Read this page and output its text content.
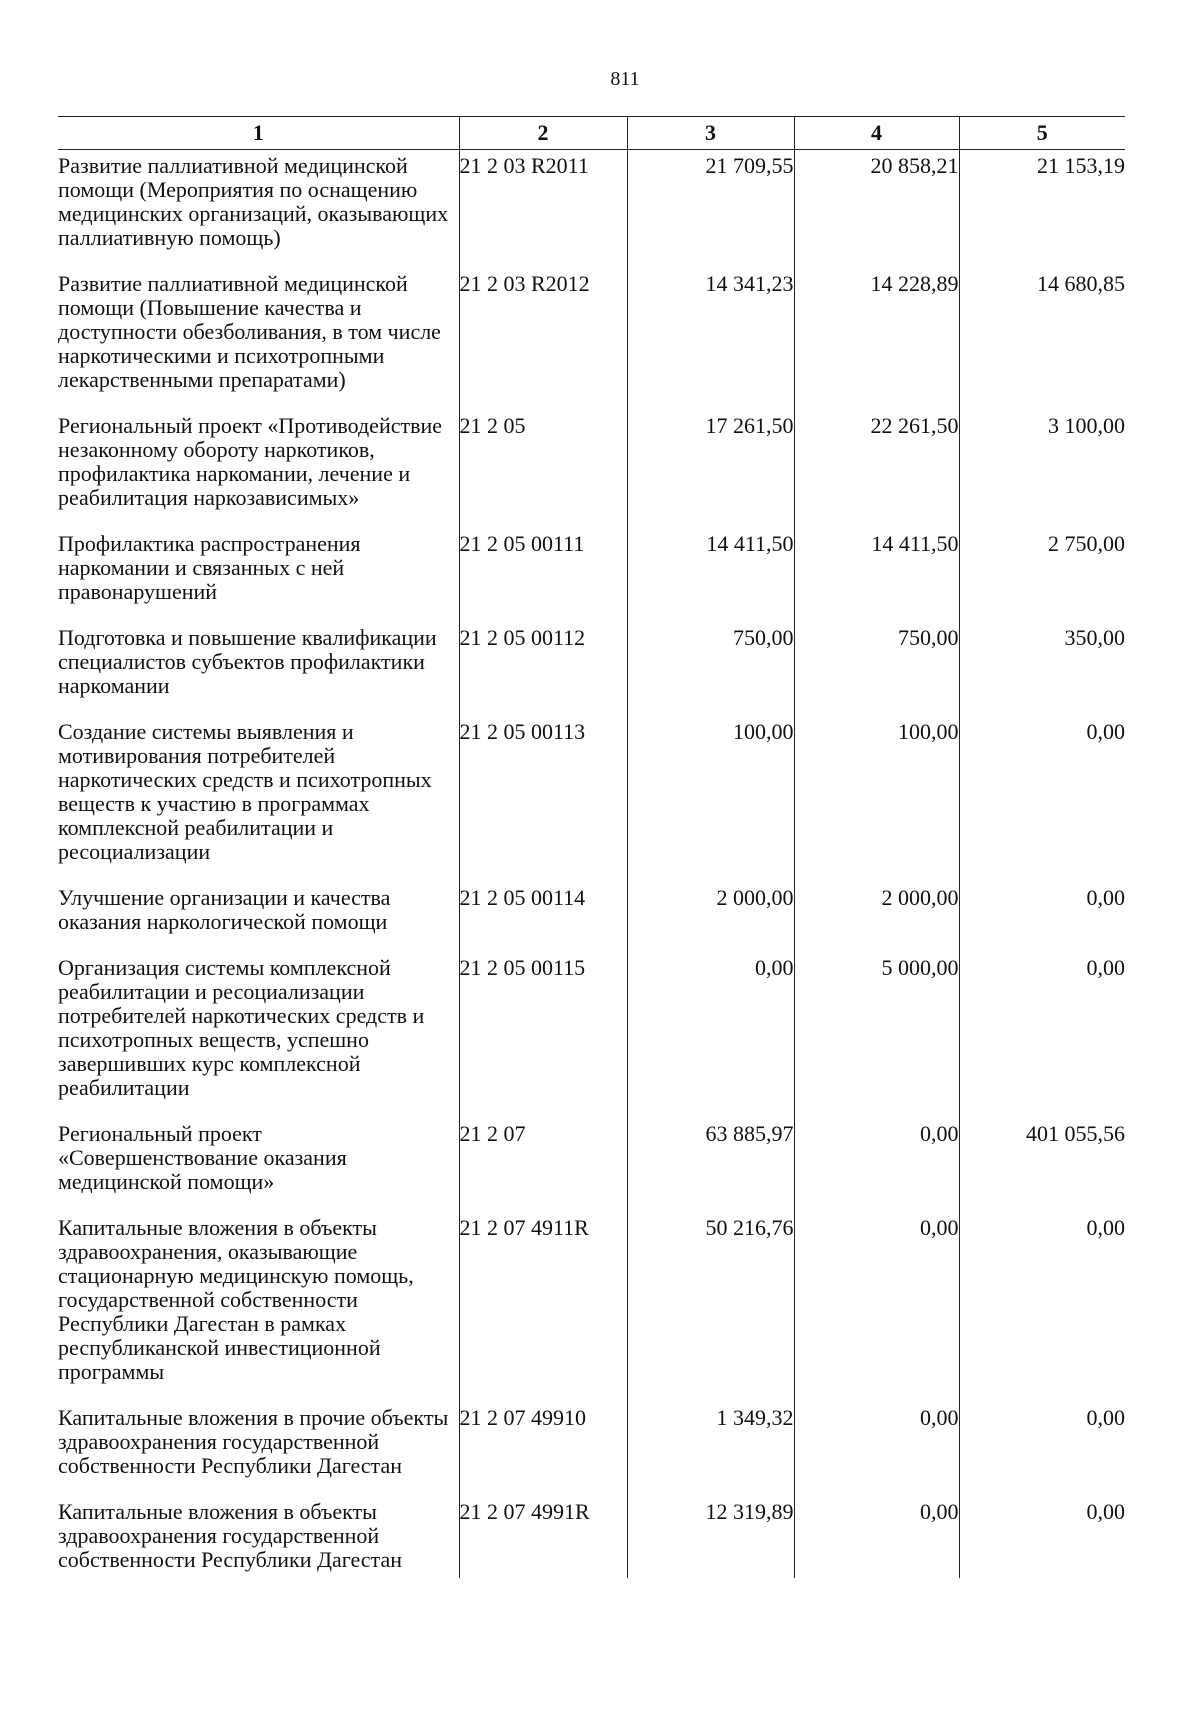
811
1	2	3	4	5
Развитие паллиативной медицинской помощи (Мероприятия по оснащению медицинских организаций, оказывающих паллиативную помощь)	21 2 03 R2011	21 709,55	20 858,21	21 153,19
Развитие паллиативной медицинской помощи (Повышение качества и доступности обезболивания, в том числе наркотическими и психотропными лекарственными препаратами)	21 2 03 R2012	14 341,23	14 228,89	14 680,85
Региональный проект «Противодействие незаконному обороту наркотиков, профилактика наркомании, лечение и реабилитация наркозависимых»	21 2 05	17 261,50	22 261,50	3 100,00
Профилактика распространения наркомании и связанных с ней правонарушений	21 2 05 00111	14 411,50	14 411,50	2 750,00
Подготовка и повышение квалификации специалистов субъектов профилактики наркомании	21 2 05 00112	750,00	750,00	350,00
Создание системы выявления и мотивирования потребителей наркотических средств и психотропных веществ к участию в программах комплексной реабилитации и ресоциализации	21 2 05 00113	100,00	100,00	0,00
Улучшение организации и качества оказания наркологической помощи	21 2 05 00114	2 000,00	2 000,00	0,00
Организация системы комплексной реабилитации и ресоциализации потребителей наркотических средств и психотропных веществ, успешно завершивших курс комплексной реабилитации	21 2 05 00115	0,00	5 000,00	0,00
Региональный проект «Совершенствование оказания медицинской помощи»	21 2 07	63 885,97	0,00	401 055,56
Капитальные вложения в объекты здравоохранения, оказывающие стационарную медицинскую помощь, государственной собственности Республики Дагестан в рамках республиканской инвестиционной программы	21 2 07 4911R	50 216,76	0,00	0,00
Капитальные вложения в прочие объекты здравоохранения государственной собственности Республики Дагестан	21 2 07 49910	1 349,32	0,00	0,00
Капитальные вложения в объекты здравоохранения государственной собственности Республики Дагестан	21 2 07 4991R	12 319,89	0,00	0,00
